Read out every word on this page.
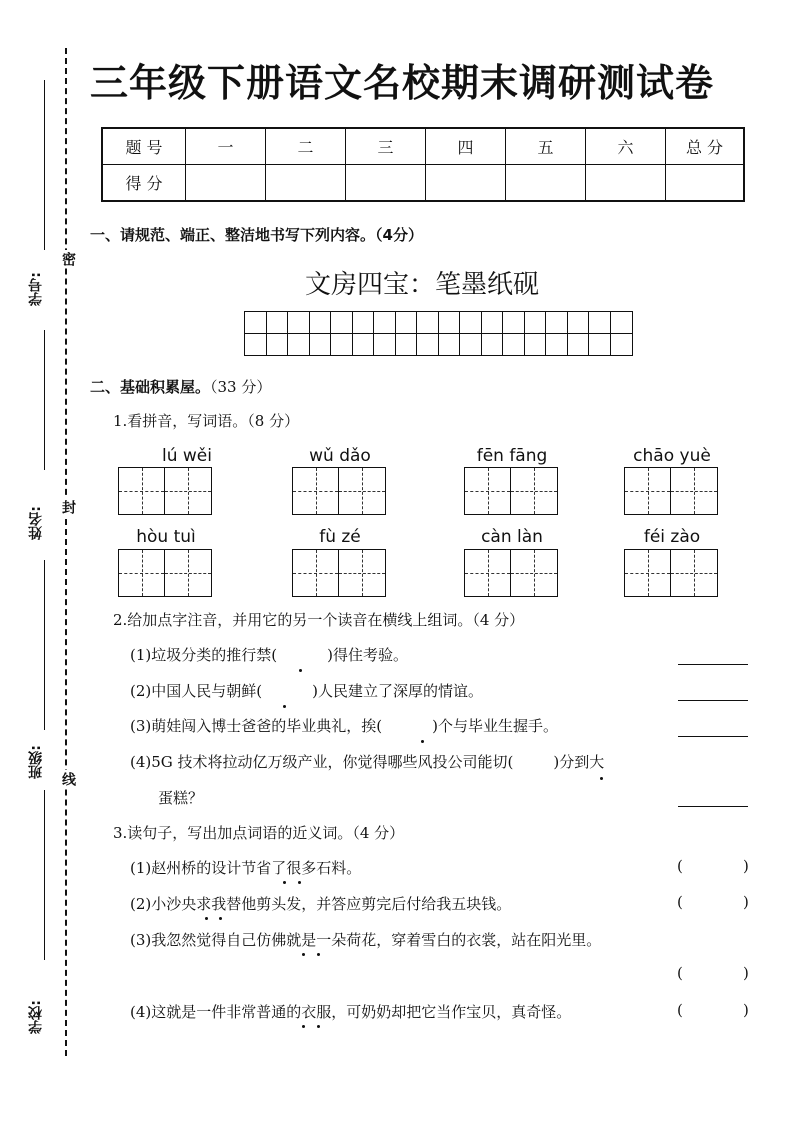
学号:
姓名:
班级:
学校:
密
封
线
三年级下册语文名校期末调研测试卷
题 号	一	二	三	四	五	六	总 分
得 分							
一、请规范、端正、整洁地书写下列内容。（4分）
文房四宝：笔墨纸砚
二、基础积累屋。（33 分）
1.看拼音，写词语。（8 分）
lú wěi	wǔ dǎo	fēn fāng	chāo yuè
hòu tuì	fù zé	càn làn	féi zào
2.给加点字注音，并用它的另一个读音在横线上组词。（4 分）
(1)垃圾分类的推行禁(	)得住考验。
(2)中国人民与朝鲜(	)人民建立了深厚的情谊。
(3)萌娃闯入博士爸爸的毕业典礼，挨(	)个与毕业生握手。
(4)5G 技术将拉动亿万级产业，你觉得哪些风投公司能切(	)分到大
蛋糕？
3.读句子，写出加点词语的近义词。（4 分）
(1)赵州桥的设计节省了很多石料。	(	)
(2)小沙央求我替他剪头发，并答应剪完后付给我五块钱。	(	)
(3)我忽然觉得自己仿佛就是一朵荷花，穿着雪白的衣裳，站在阳光里。
(	)
(4)这就是一件非常普通的衣服，可奶奶却把它当作宝贝，真奇怪。	(	)
